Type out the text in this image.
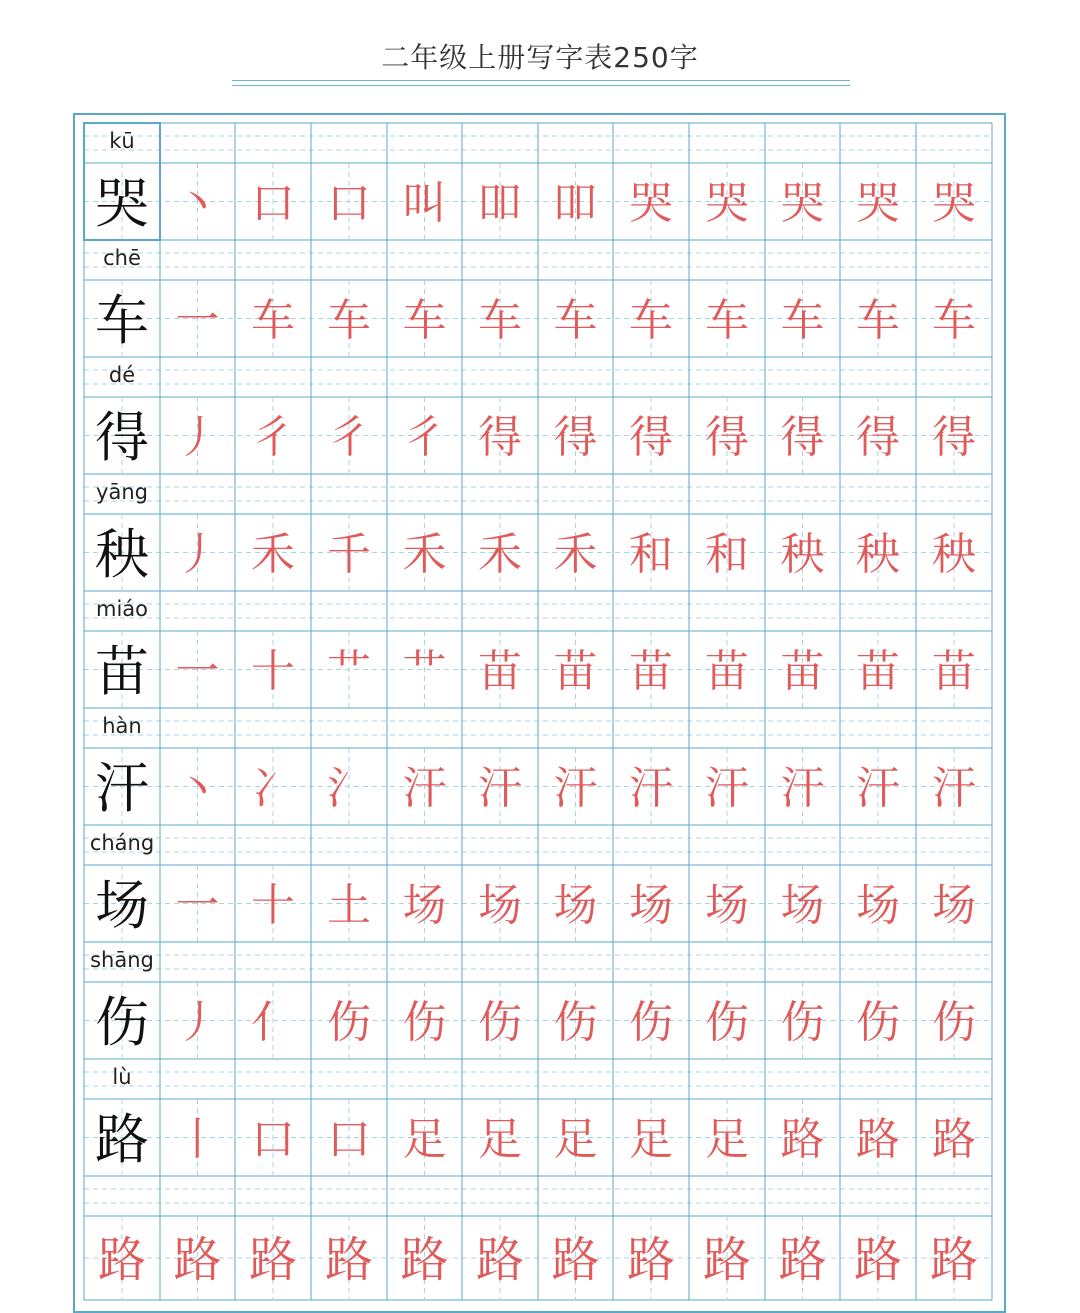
二年级上册写字表250字
kū
哭 丶 口 口 叫 吅 吅 哭 哭 哭 哭 哭
chē
车 一 车 车 车 车 车 车 车 车 车 车
dé
得 丿 彳 彳 彳 得 得 得 得 得 得 得
yāng
秧 丿 禾 千 禾 禾 禾 和 和 秧 秧 秧
miáo
苗 一 十 艹 艹 苗 苗 苗 苗 苗 苗 苗
hàn
汗 丶 冫 氵 汗 汗 汗 汗 汗 汗 汗 汗
cháng
场 一 十 土 场 场 场 场 场 场 场 场
shāng
伤 丿 亻 伤 伤 伤 伤 伤 伤 伤 伤 伤
lù
路 丨 口 口 足 足 足 足 足 路 路 路
路 路 路 路 路 路 路 路 路 路 路 路
